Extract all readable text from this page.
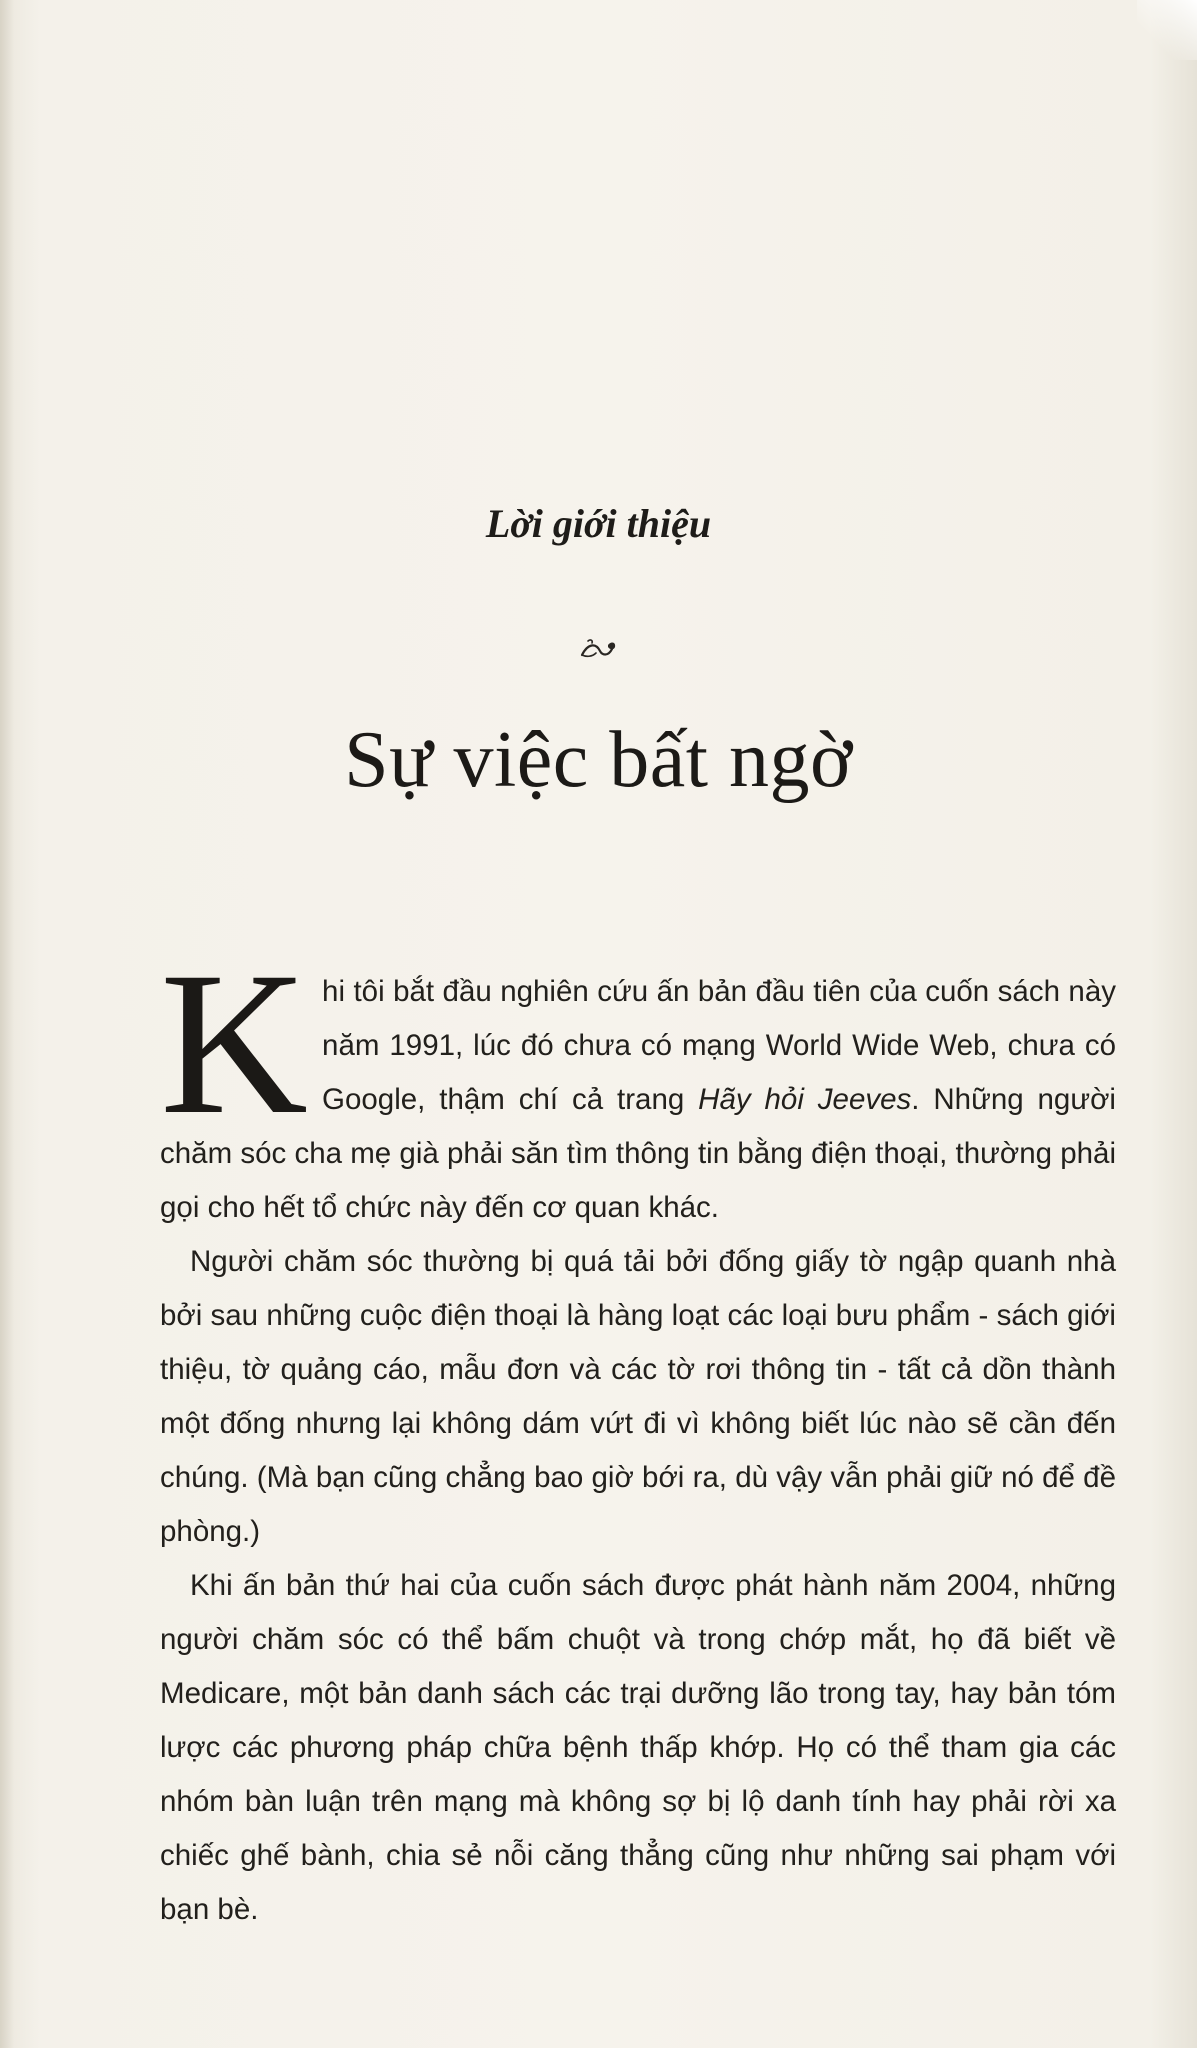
Lời giới thiệu
Sự việc bất ngờ

Khi tôi bắt đầu nghiên cứu ấn bản đầu tiên của cuốn sách này năm 1991, lúc đó chưa có mạng World Wide Web, chưa có Google, thậm chí cả trang Hãy hỏi Jeeves. Những người chăm sóc cha mẹ già phải săn tìm thông tin bằng điện thoại, thường phải gọi cho hết tổ chức này đến cơ quan khác.

Người chăm sóc thường bị quá tải bởi đống giấy tờ ngập quanh nhà bởi sau những cuộc điện thoại là hàng loạt các loại bưu phẩm - sách giới thiệu, tờ quảng cáo, mẫu đơn và các tờ rơi thông tin - tất cả dồn thành một đống nhưng lại không dám vứt đi vì không biết lúc nào sẽ cần đến chúng. (Mà bạn cũng chẳng bao giờ bới ra, dù vậy vẫn phải giữ nó để đề phòng.)

Khi ấn bản thứ hai của cuốn sách được phát hành năm 2004, những người chăm sóc có thể bấm chuột và trong chớp mắt, họ đã biết về Medicare, một bản danh sách các trại dưỡng lão trong tay, hay bản tóm lược các phương pháp chữa bệnh thấp khớp. Họ có thể tham gia các nhóm bàn luận trên mạng mà không sợ bị lộ danh tính hay phải rời xa chiếc ghế bành, chia sẻ nỗi căng thẳng cũng như những sai phạm với bạn bè.
